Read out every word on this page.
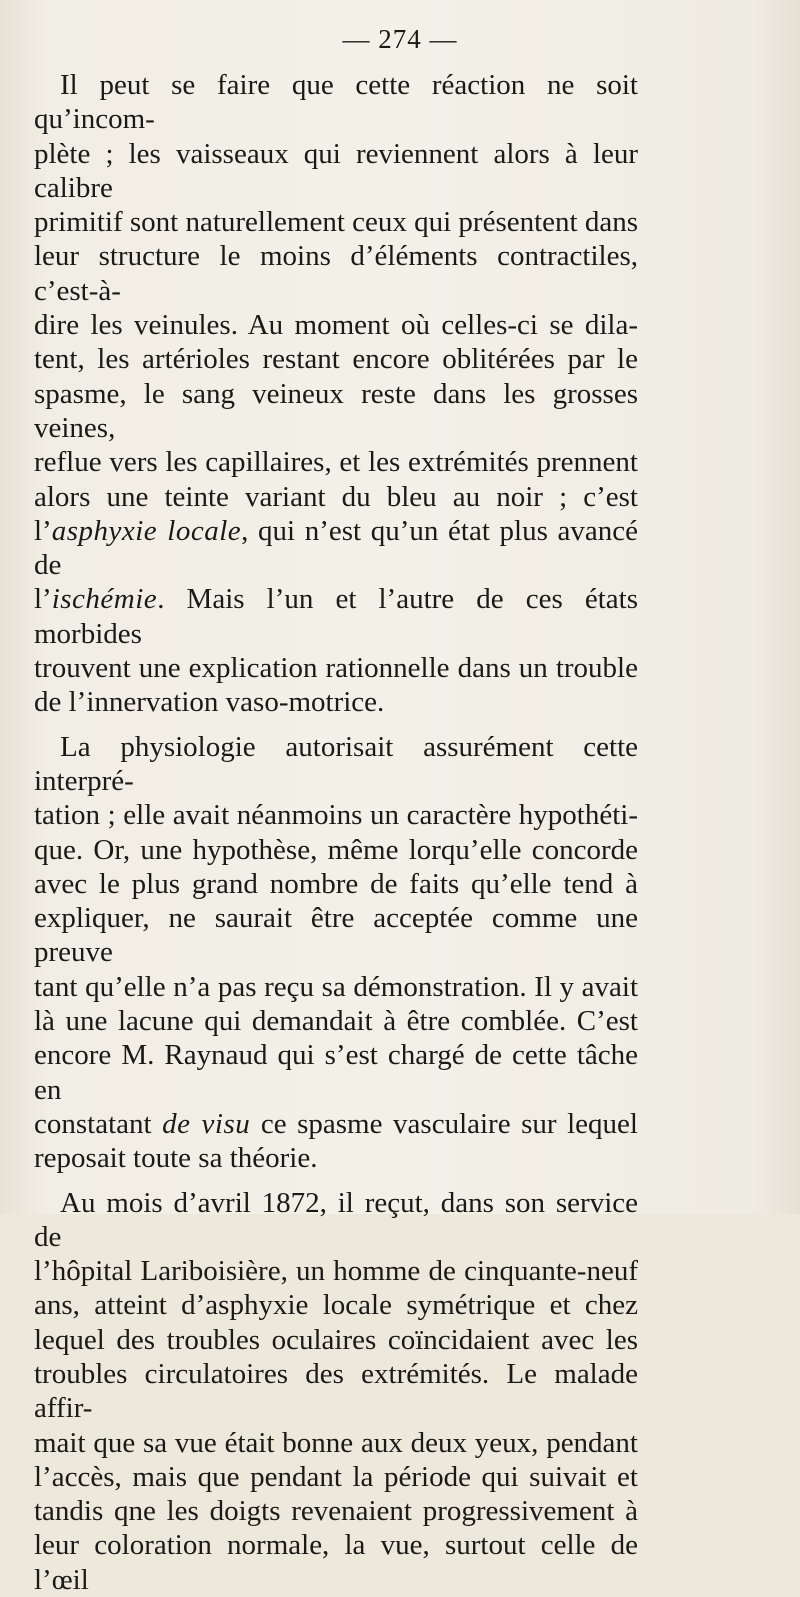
— 274 —

Il peut se faire que cette réaction ne soit qu’incom-
plète ; les vaisseaux qui reviennent alors à leur calibre
primitif sont naturellement ceux qui présentent dans
leur structure le moins d’éléments contractiles, c’est-à-
dire les veinules. Au moment où celles-ci se dila-
tent, les artérioles restant encore oblitérées par le
spasme, le sang veineux reste dans les grosses veines,
reflue vers les capillaires, et les extrémités prennent
alors une teinte variant du bleu au noir ; c’est
l’asphyxie locale, qui n’est qu’un état plus avancé de
l’ischémie. Mais l’un et l’autre de ces états morbides
trouvent une explication rationnelle dans un trouble
de l’innervation vaso-motrice.

La physiologie autorisait assurément cette interpré-
tation ; elle avait néanmoins un caractère hypothéti-
que. Or, une hypothèse, même lorqu’elle concorde
avec le plus grand nombre de faits qu’elle tend à
expliquer, ne saurait être acceptée comme une preuve
tant qu’elle n’a pas reçu sa démonstration. Il y avait
là une lacune qui demandait à être comblée. C’est
encore M. Raynaud qui s’est chargé de cette tâche en
constatant de visu ce spasme vasculaire sur lequel
reposait toute sa théorie.

Au mois d’avril 1872, il reçut, dans son service de
l’hôpital Lariboisière, un homme de cinquante-neuf
ans, atteint d’asphyxie locale symétrique et chez
lequel des troubles oculaires coïncidaient avec les
troubles circulatoires des extrémités. Le malade affir-
mait que sa vue était bonne aux deux yeux, pendant
l’accès, mais que pendant la période qui suivait et
tandis qne les doigts revenaient progressivement à
leur coloration normale, la vue, surtout celle de l’œil
